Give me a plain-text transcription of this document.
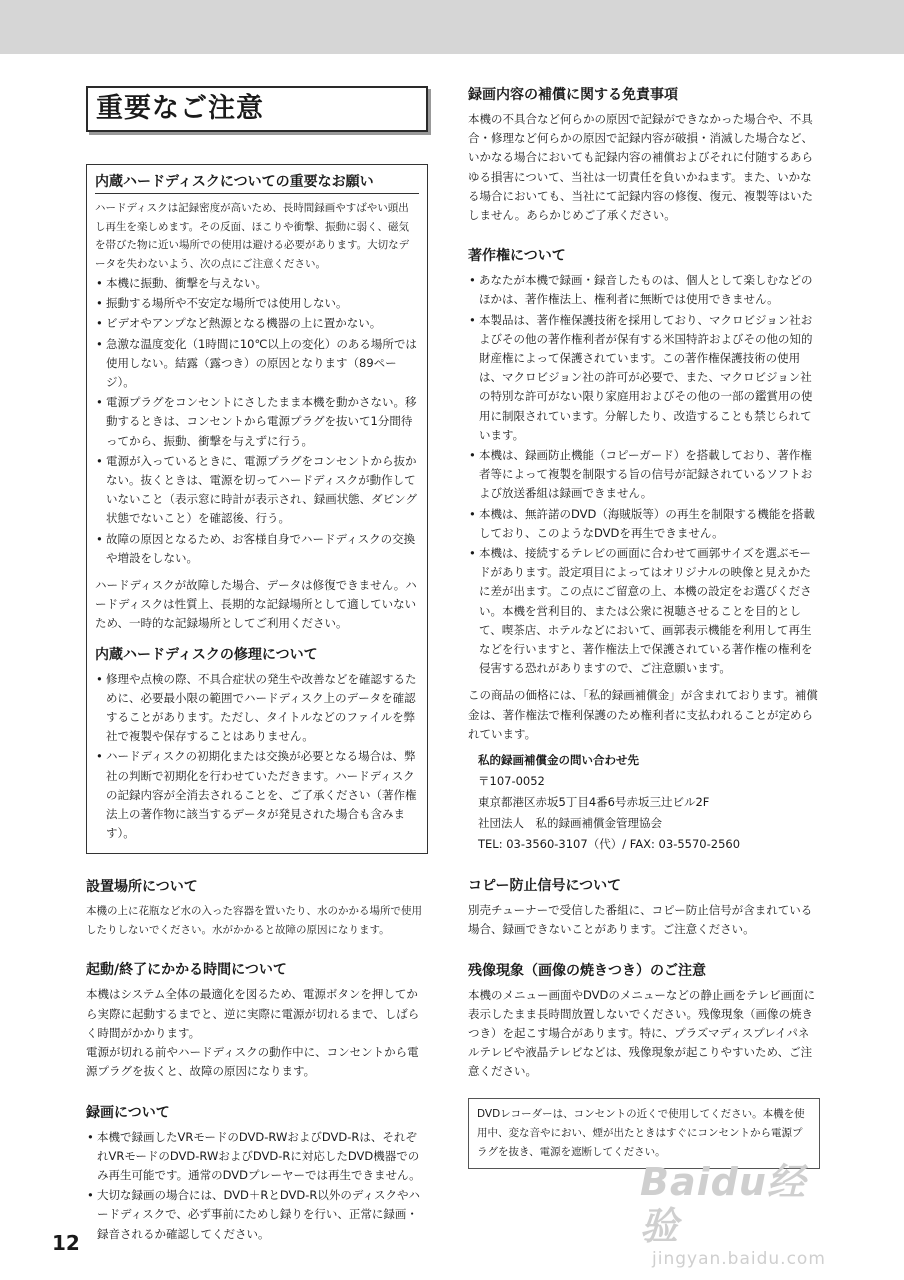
重要なご注意
内蔵ハードディスクについての重要なお願い

ハードディスクは記録密度が高いため、長時間録画やすばやい頭出し再生を楽しめます。その反面、ほこりや衝撃、振動に弱く、磁気を帯びた物に近い場所での使用は避ける必要があります。大切なデータを失わないよう、次の点にご注意ください。

• 本機に振動、衝撃を与えない。
• 振動する場所や不安定な場所では使用しない。
• ビデオやアンプなど熱源となる機器の上に置かない。
• 急激な温度変化（1時間に10℃以上の変化）のある場所では使用しない。結露（露つき）の原因となります（89ページ）。
• 電源プラグをコンセントにさしたまま本機を動かさない。移動するときは、コンセントから電源プラグを抜いて1分間待ってから、振動、衝撃を与えずに行う。
• 電源が入っているときに、電源プラグをコンセントから抜かない。抜くときは、電源を切ってハードディスクが動作していないこと（表示窓に時計が表示され、録画状態、ダビング状態でないこと）を確認後、行う。
• 故障の原因となるため、お客様自身でハードディスクの交換や増設をしない。

ハードディスクが故障した場合、データは修復できません。ハードディスクは性質上、長期的な記録場所として適していないため、一時的な記録場所としてご利用ください。

内蔵ハードディスクの修理について
• 修理や点検の際、不具合症状の発生や改善などを確認するために、必要最小限の範囲でハードディスク上のデータを確認することがあります。ただし、タイトルなどのファイルを弊社で複製や保存することはありません。
• ハードディスクの初期化または交換が必要となる場合は、弊社の判断で初期化を行わせていただきます。ハードディスクの記録内容が全消去されることを、ご了承ください（著作権法上の著作物に該当するデータが発見された場合も含みます）。
設置場所について

本機の上に花瓶など水の入った容器を置いたり、水のかかる場所で使用したりしないでください。水がかかると故障の原因になります。

起動/終了にかかる時間について

本機はシステム全体の最適化を図るため、電源ボタンを押してから実際に起動するまでと、逆に実際に電源が切れるまで、しばらく時間がかかります。

電源が切れる前やハードディスクの動作中に、コンセントから電源プラグを抜くと、故障の原因になります。

録画について
• 本機で録画したVRモードのDVD-RWおよびDVD-Rは、それぞれVRモードのDVD-RWおよびDVD-Rに対応したDVD機器でのみ再生可能です。通常のDVDプレーヤーでは再生できません。
• 大切な録画の場合には、DVD＋RとDVD-R以外のディスクやハードディスクで、必ず事前にためし録りを行い、正常に録画・録音されるか確認してください。
録画内容の補償に関する免責事項

本機の不具合など何らかの原因で記録ができなかった場合や、不具合・修理など何らかの原因で記録内容が破損・消滅した場合など、いかなる場合においても記録内容の補償およびそれに付随するあらゆる損害について、当社は一切責任を負いかねます。また、いかなる場合においても、当社にて記録内容の修復、復元、複製等はいたしません。あらかじめご了承ください。

著作権について
• あなたが本機で録画・録音したものは、個人として楽しむなどのほかは、著作権法上、権利者に無断では使用できません。
• 本製品は、著作権保護技術を採用しており、マクロビジョン社およびその他の著作権利者が保有する米国特許およびその他の知的財産権によって保護されています。この著作権保護技術の使用は、マクロビジョン社の許可が必要で、また、マクロビジョン社の特別な許可がない限り家庭用およびその他の一部の鑑賞用の使用に制限されています。分解したり、改造することも禁じられています。
• 本機は、録画防止機能（コピーガード）を搭載しており、著作権者等によって複製を制限する旨の信号が記録されているソフトおよび放送番組は録画できません。
• 本機は、無許諾のDVD（海賊版等）の再生を制限する機能を搭載しており、このようなDVDを再生できません。
• 本機は、接続するテレビの画面に合わせて画郭サイズを選ぶモードがあります。設定項目によってはオリジナルの映像と見えかたに差が出ます。この点にご留意の上、本機の設定をお選びください。本機を営利目的、または公衆に視聴させることを目的として、喫茶店、ホテルなどにおいて、画郭表示機能を利用して再生などを行いますと、著作権法上で保護されている著作権の権利を侵害する恐れがありますので、ご注意願います。

この商品の価格には、「私的録画補償金」が含まれております。補償金は、著作権法で権利保護のため権利者に支払われることが定められています。

私的録画補償金の問い合わせ先

〒107-0052

東京都港区赤坂5丁目4番6号赤坂三辻ビル2F

社団法人　私的録画補償金管理協会

TEL: 03-3560-3107（代）/ FAX: 03-5570-2560

コピー防止信号について

別売チューナーで受信した番組に、コピー防止信号が含まれている場合、録画できないことがあります。ご注意ください。

残像現象（画像の焼きつき）のご注意

本機のメニュー画面やDVDのメニューなどの静止画をテレビ画面に表示したまま長時間放置しないでください。残像現象（画像の焼きつき）を起こす場合があります。特に、プラズマディスプレイパネルテレビや液晶テレビなどは、残像現象が起こりやすいため、ご注意ください。

DVDレコーダーは、コンセントの近くで使用してください。本機を使用中、変な音やにおい、煙が出たときはすぐにコンセントから電源プラグを抜き、電源を遮断してください。
12
Baidu经验
jingyan.baidu.com
